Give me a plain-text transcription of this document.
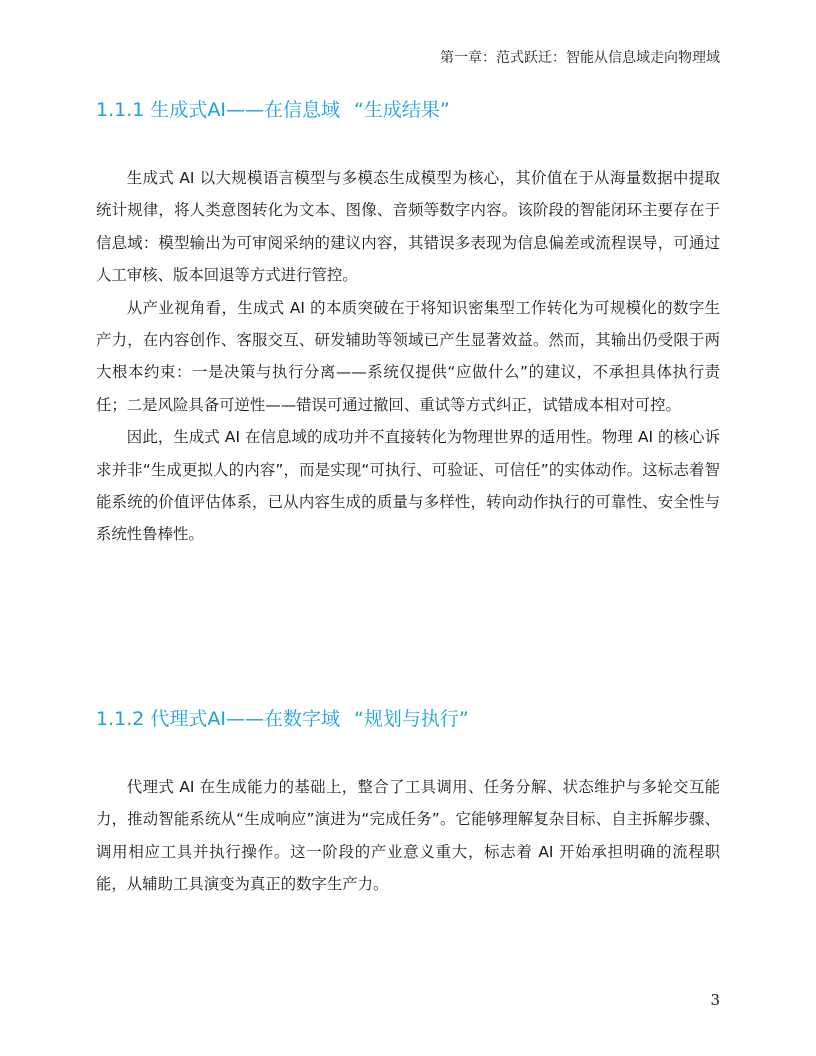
第一章：范式跃迁：智能从信息域走向物理域
1.1.1 生成式AI——在信息域 “生成结果”

生成式 AI 以大规模语言模型与多模态生成模型为核心，其价值在于从海量数据中提取统计规律，将人类意图转化为文本、图像、音频等数字内容。该阶段的智能闭环主要存在于信息域：模型输出为可审阅采纳的建议内容，其错误多表现为信息偏差或流程误导，可通过人工审核、版本回退等方式进行管控。

从产业视角看，生成式 AI 的本质突破在于将知识密集型工作转化为可规模化的数字生产力，在内容创作、客服交互、研发辅助等领域已产生显著效益。然而，其输出仍受限于两大根本约束：一是决策与执行分离——系统仅提供“应做什么”的建议，不承担具体执行责任；二是风险具备可逆性——错误可通过撤回、重试等方式纠正，试错成本相对可控。

因此，生成式 AI 在信息域的成功并不直接转化为物理世界的适用性。物理 AI 的核心诉求并非“生成更拟人的内容”，而是实现“可执行、可验证、可信任”的实体动作。这标志着智能系统的价值评估体系，已从内容生成的质量与多样性，转向动作执行的可靠性、安全性与系统性鲁棒性。

1.1.2 代理式AI——在数字域 “规划与执行”

代理式 AI 在生成能力的基础上，整合了工具调用、任务分解、状态维护与多轮交互能力，推动智能系统从“生成响应”演进为“完成任务”。它能够理解复杂目标、自主拆解步骤、调用相应工具并执行操作。这一阶段的产业意义重大，标志着 AI 开始承担明确的流程职能，从辅助工具演变为真正的数字生产力。

3
